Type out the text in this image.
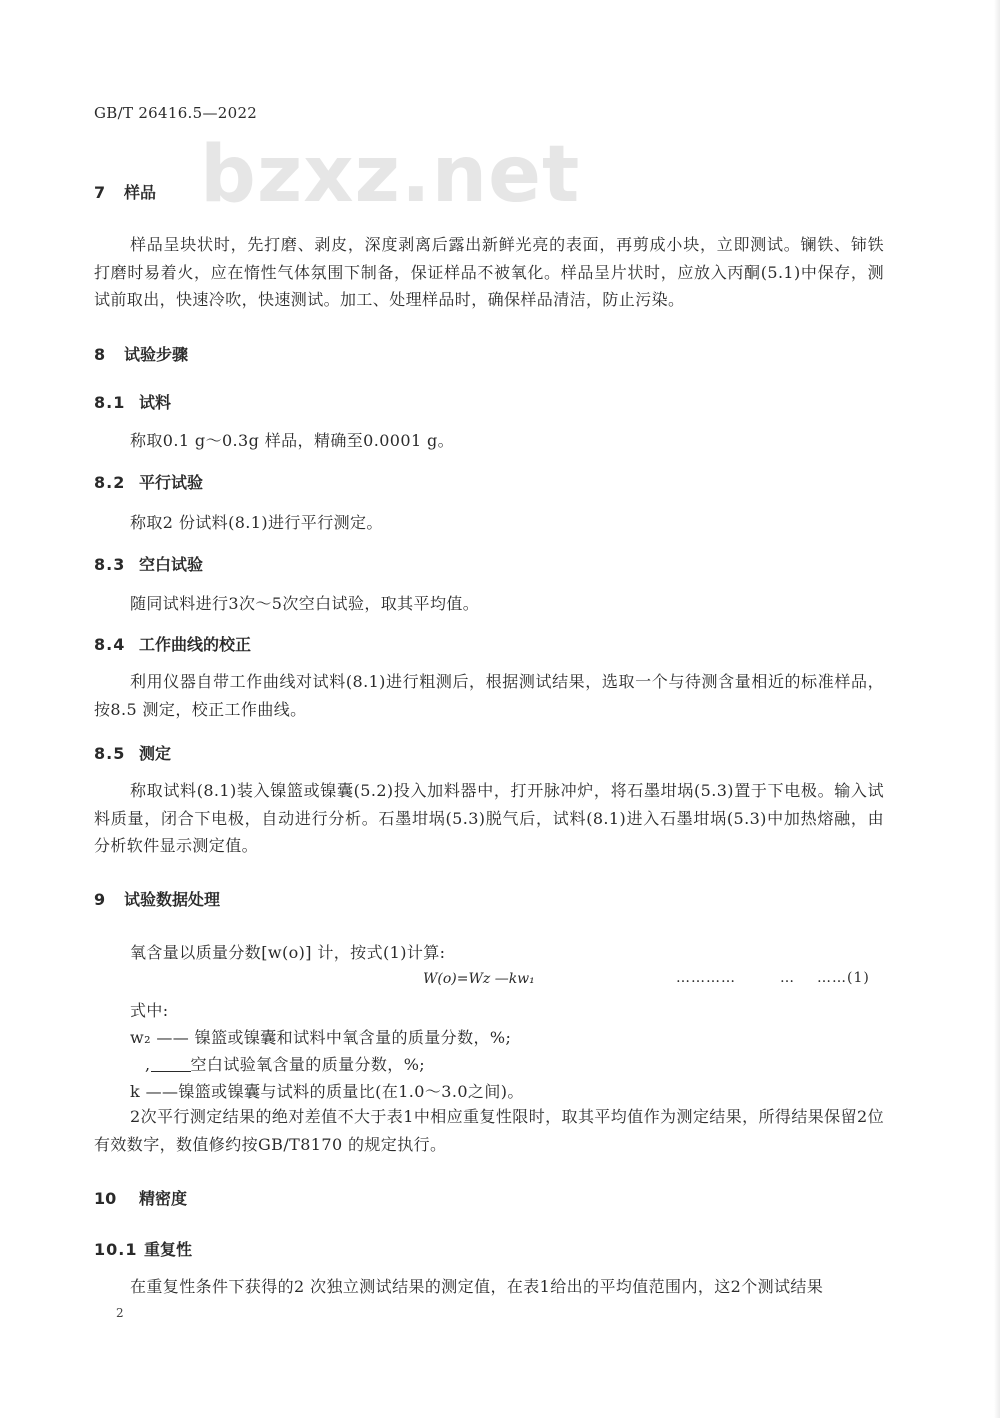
bzxz.net
GB/T 26416.5—2022
7 样品
样品呈块状时，先打磨、剥皮，深度剥离后露出新鲜光亮的表面，再剪成小块，立即测试。镧铁、铈铁打磨时易着火，应在惰性气体氛围下制备，保证样品不被氧化。样品呈片状时，应放入丙酮(5.1)中保存，测试前取出，快速冷吹，快速测试。加工、处理样品时，确保样品清洁，防止污染。
8 试验步骤
8.1 试料
称取0.1 g～0.3g 样品，精确至0.0001 g。
8.2 平行试验
称取2 份试料(8.1)进行平行测定。
8.3 空白试验
随同试料进行3次～5次空白试验，取其平均值。
8.4 工作曲线的校正
利用仪器自带工作曲线对试料(8.1)进行粗测后，根据测试结果，选取一个与待测含量相近的标准样品，按8.5 测定，校正工作曲线。
8.5 测定
称取试料(8.1)装入镍篮或镍囊(5.2)投入加料器中，打开脉冲炉，将石墨坩埚(5.3)置于下电极。输入试料质量，闭合下电极，自动进行分析。石墨坩埚(5.3)脱气后，试料(8.1)进入石墨坩埚(5.3)中加热熔融，由分析软件显示测定值。
9 试验数据处理
氧含量以质量分数[w(o)] 计，按式(1)计算:
W(o)=Wz —kw₁	…………	… ……(1)
式中:
w₂ —— 镍篮或镍囊和试料中氧含量的质量分数，%;
,	空白试验氧含量的质量分数，%;
k ——镍篮或镍囊与试料的质量比(在1.0～3.0之间)。
2次平行测定结果的绝对差值不大于表1中相应重复性限时，取其平均值作为测定结果，所得结果保留2位有效数字，数值修约按GB/T8170 的规定执行。
10 精密度
10.1 重复性
在重复性条件下获得的2 次独立测试结果的测定值，在表1给出的平均值范围内，这2个测试结果
2
